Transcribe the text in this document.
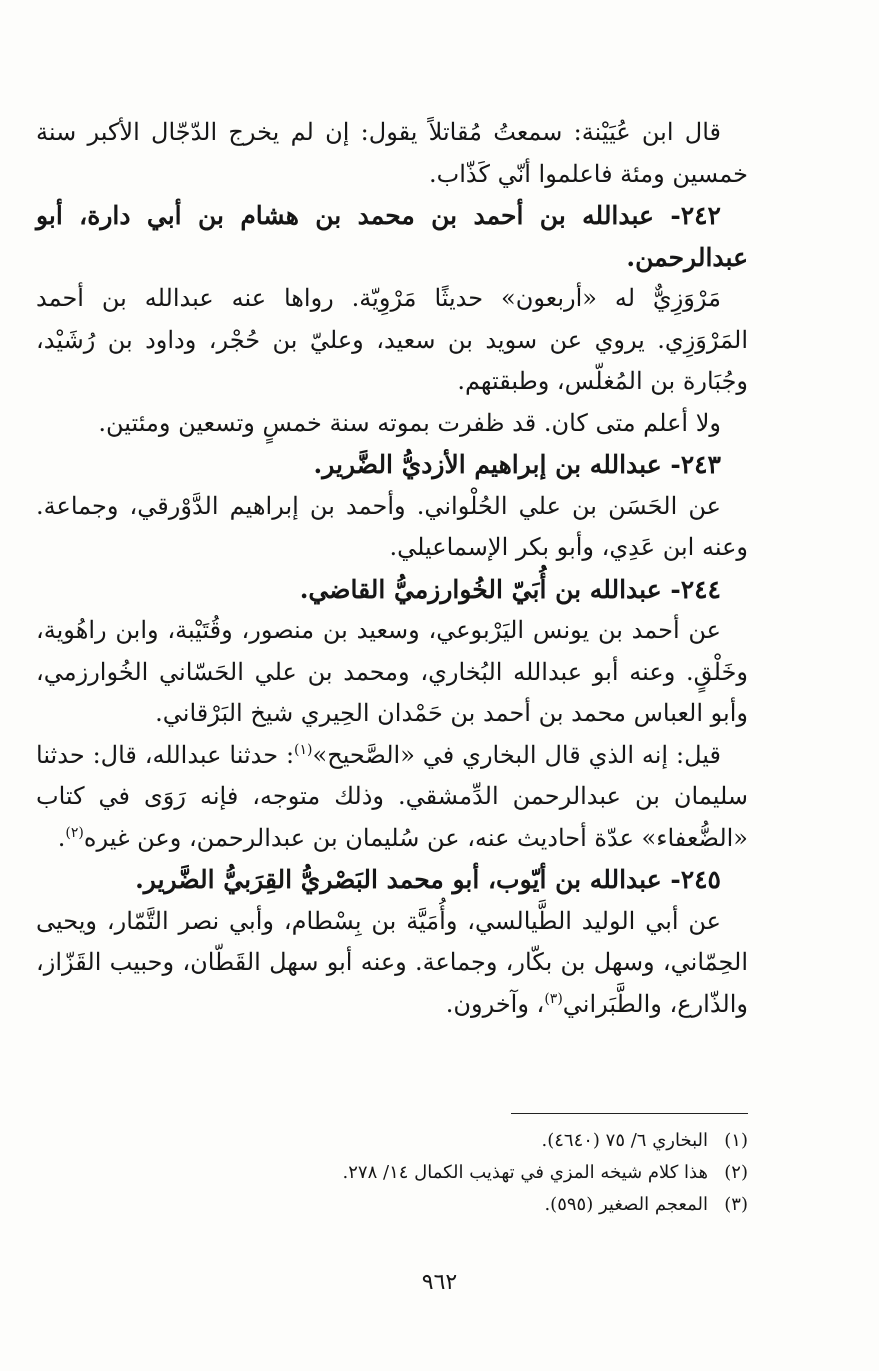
قال ابن عُيَيْنة: سمعتُ مُقاتلاً يقول: إن لم يخرج الدّجّال الأكبر سنة خمسين ومئة فاعلموا أنّي كَذّاب.

٢٤٢- عبدالله بن أحمد بن محمد بن هشام بن أبي دارة، أبو عبدالرحمن.

مَرْوَزِيٌّ له «أربعون» حديثًا مَرْوِيّة. رواها عنه عبدالله بن أحمد المَرْوَزِي. يروي عن سويد بن سعيد، وعليّ بن حُجْر، وداود بن رُشَيْد، وجُبَارة بن المُغلّس، وطبقتهم.

ولا أعلم متى كان. قد ظفرت بموته سنة خمسٍ وتسعين ومئتين.

٢٤٣- عبدالله بن إبراهيم الأزديُّ الضَّرير.

عن الحَسَن بن علي الحُلْواني. وأحمد بن إبراهيم الدَّوْرقي، وجماعة. وعنه ابن عَدِي، وأبو بكر الإسماعيلي.

٢٤٤- عبدالله بن أُبَيّ الخُوارزميُّ القاضي.

عن أحمد بن يونس اليَرْبوعي، وسعيد بن منصور، وقُتَيْبة، وابن راهُوية، وخَلْقٍ. وعنه أبو عبدالله البُخاري، ومحمد بن علي الحَسّاني الخُوارزمي، وأبو العباس محمد بن أحمد بن حَمْدان الحِيري شيخ البَرْقاني.

قيل: إنه الذي قال البخاري في «الصَّحيح»$^{(١)}$: حدثنا عبدالله، قال: حدثنا سليمان بن عبدالرحمن الدِّمشقي. وذلك متوجه، فإنه رَوَى في كتاب «الضُّعفاء» عدّة أحاديث عنه، عن سُليمان بن عبدالرحمن، وعن غيره$^{(٢)}$.

٢٤٥- عبدالله بن أيّوب، أبو محمد البَصْريُّ القِرَبيُّ الضَّرير.

عن أبي الوليد الطَّيالسي، وأُمَيَّة بن بِسْطام، وأبي نصر التَّمّار، ويحيى الحِمّاني، وسهل بن بكّار، وجماعة. وعنه أبو سهل القَطّان، وحبيب القَزّاز، والذّارع، والطَّبَراني$^{(٣)}$، وآخرون.

(١)البخاري ٦/ ٧٥ (٤٦٤٠).
(٢)هذا كلام شيخه المزي في تهذيب الكمال ١٤/ ٢٧٨.
(٣)المعجم الصغير (٥٩٥).
٩٦٢
